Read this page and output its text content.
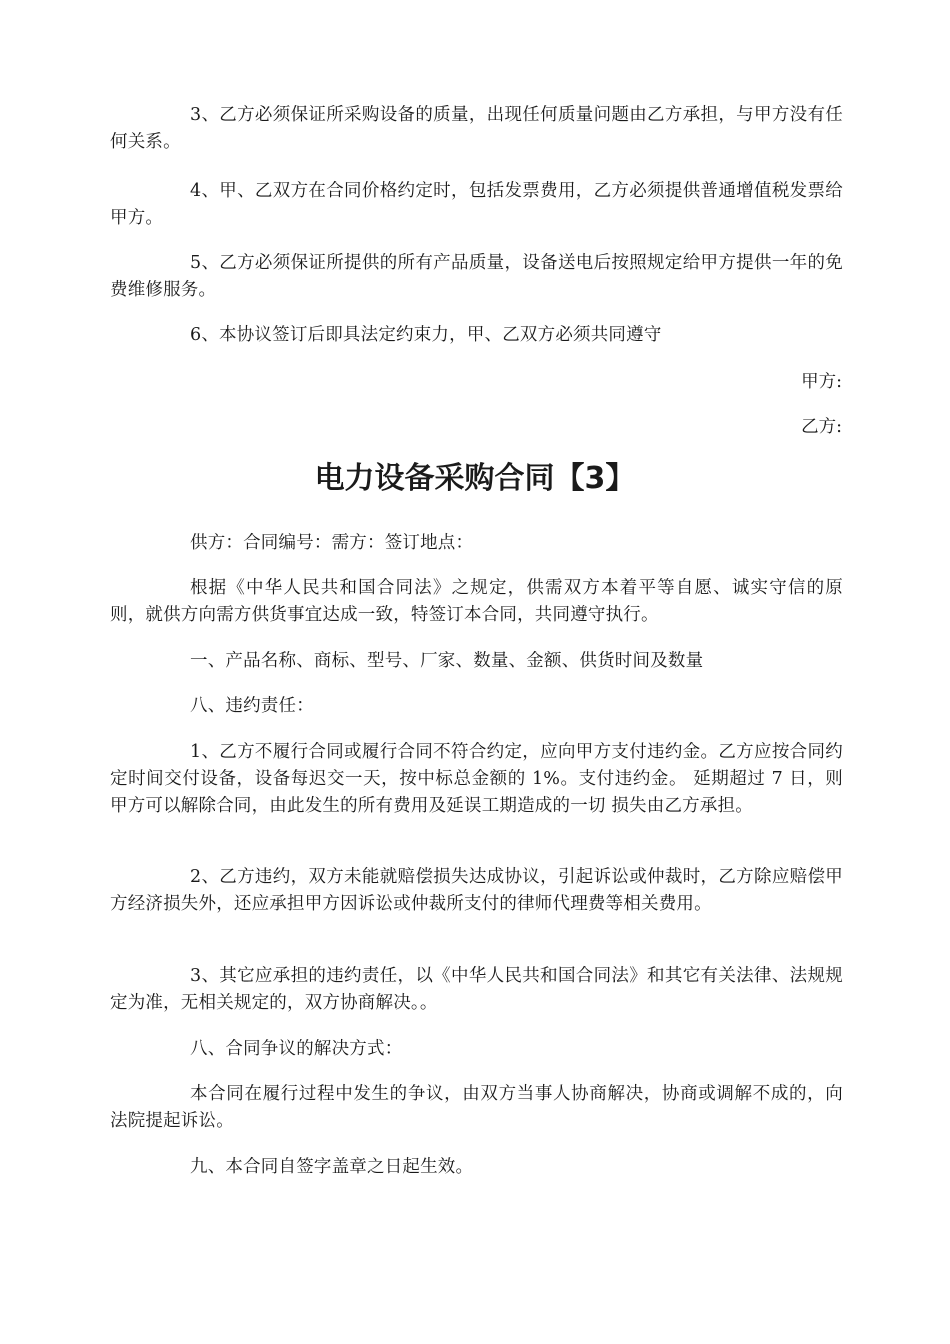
3、乙方必须保证所采购设备的质量，出现任何质量问题由乙方承担，与甲方没有任何关系。

4、甲、乙双方在合同价格约定时，包括发票费用，乙方必须提供普通增值税发票给甲方。

5、乙方必须保证所提供的所有产品质量，设备送电后按照规定给甲方提供一年的免费维修服务。

6、本协议签订后即具法定约束力，甲、乙双方必须共同遵守

甲方:

乙方:

电力设备采购合同【3】

供方：合同编号：需方：签订地点：

根据《中华人民共和国合同法》之规定，供需双方本着平等自愿、诚实守信的原则，就供方向需方供货事宜达成一致，特签订本合同，共同遵守执行。

一、产品名称、商标、型号、厂家、数量、金额、供货时间及数量

八、违约责任：

1、乙方不履行合同或履行合同不符合约定，应向甲方支付违约金。乙方应按合同约定时间交付设备，设备每迟交一天，按中标总金额的 1%。支付违约金。 延期超过 7 日，则甲方可以解除合同，由此发生的所有费用及延误工期造成的一切 损失由乙方承担。

2、乙方违约，双方未能就赔偿损失达成协议，引起诉讼或仲裁时，乙方除应赔偿甲方经济损失外，还应承担甲方因诉讼或仲裁所支付的律师代理费等相关费用。

3、其它应承担的违约责任，以《中华人民共和国合同法》和其它有关法律、法规规定为准，无相关规定的，双方协商解决。。

八、合同争议的解决方式：

本合同在履行过程中发生的争议，由双方当事人协商解决，协商或调解不成的，向法院提起诉讼。

九、本合同自签字盖章之日起生效。
